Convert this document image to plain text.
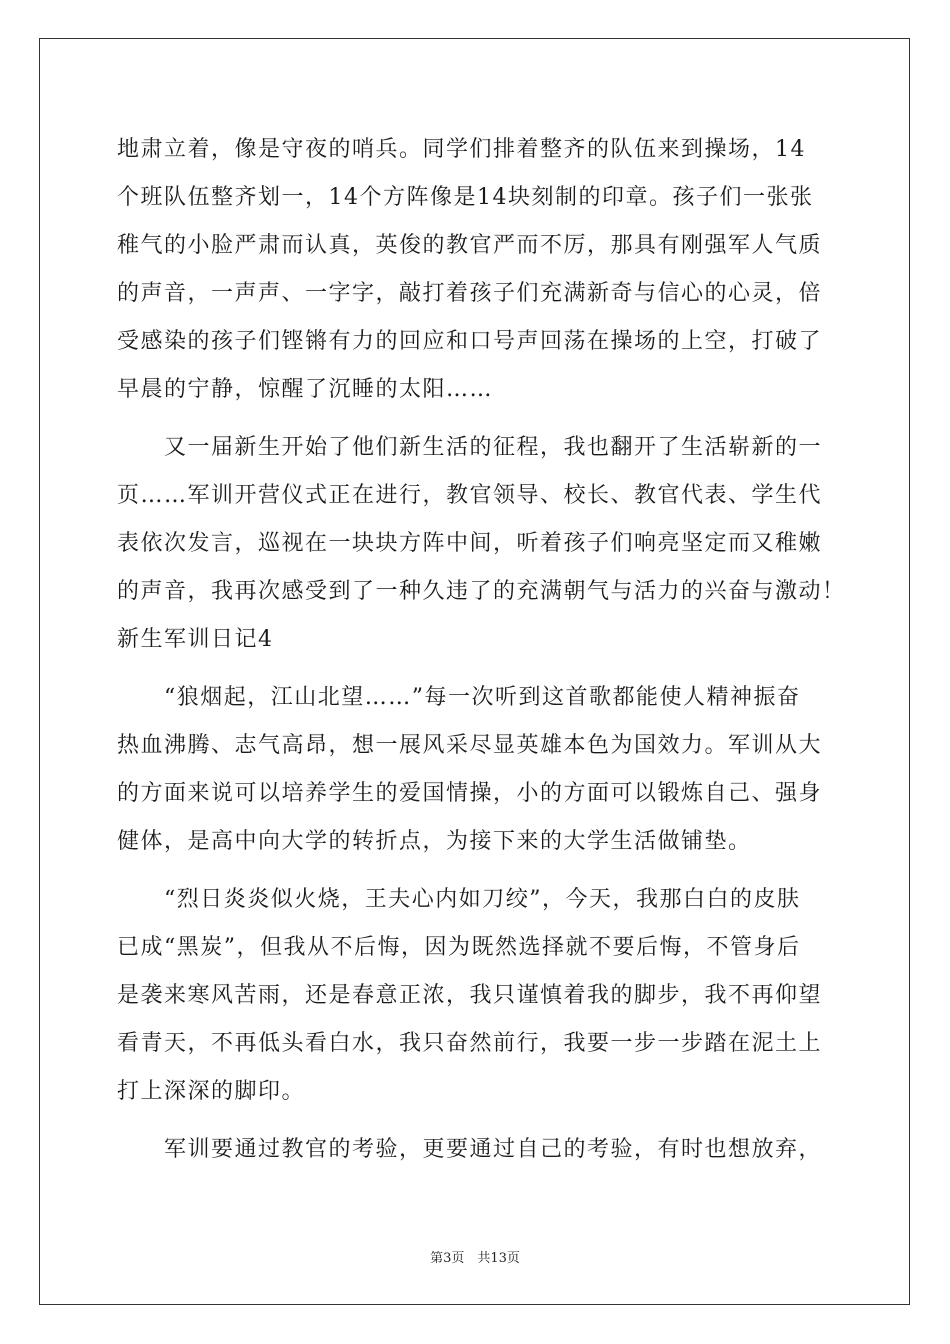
地肃立着，像是守夜的哨兵。同学们排着整齐的队伍来到操场，14
个班队伍整齐划一，14个方阵像是14块刻制的印章。孩子们一张张
稚气的小脸严肃而认真，英俊的教官严而不厉，那具有刚强军人气质
的声音，一声声、一字字，敲打着孩子们充满新奇与信心的心灵，倍
受感染的孩子们铿锵有力的回应和口号声回荡在操场的上空，打破了
早晨的宁静，惊醒了沉睡的太阳……
　　又一届新生开始了他们新生活的征程，我也翻开了生活崭新的一
页……军训开营仪式正在进行，教官领导、校长、教官代表、学生代
表依次发言，巡视在一块块方阵中间，听着孩子们响亮坚定而又稚嫩
的声音，我再次感受到了一种久违了的充满朝气与活力的兴奋与激动！
新生军训日记4
　　“狼烟起，江山北望……”每一次听到这首歌都能使人精神振奋
热血沸腾、志气高昂，想一展风采尽显英雄本色为国效力。军训从大
的方面来说可以培养学生的爱国情操，小的方面可以锻炼自己、强身
健体，是高中向大学的转折点，为接下来的大学生活做铺垫。
　　“烈日炎炎似火烧，王夫心内如刀绞”，今天，我那白白的皮肤
已成“黑炭”，但我从不后悔，因为既然选择就不要后悔，不管身后
是袭来寒风苦雨，还是春意正浓，我只谨慎着我的脚步，我不再仰望
看青天，不再低头看白水，我只奋然前行，我要一步一步踏在泥土上
打上深深的脚印。
　　军训要通过教官的考验，更要通过自己的考验，有时也想放弃，
第3页　共13页
